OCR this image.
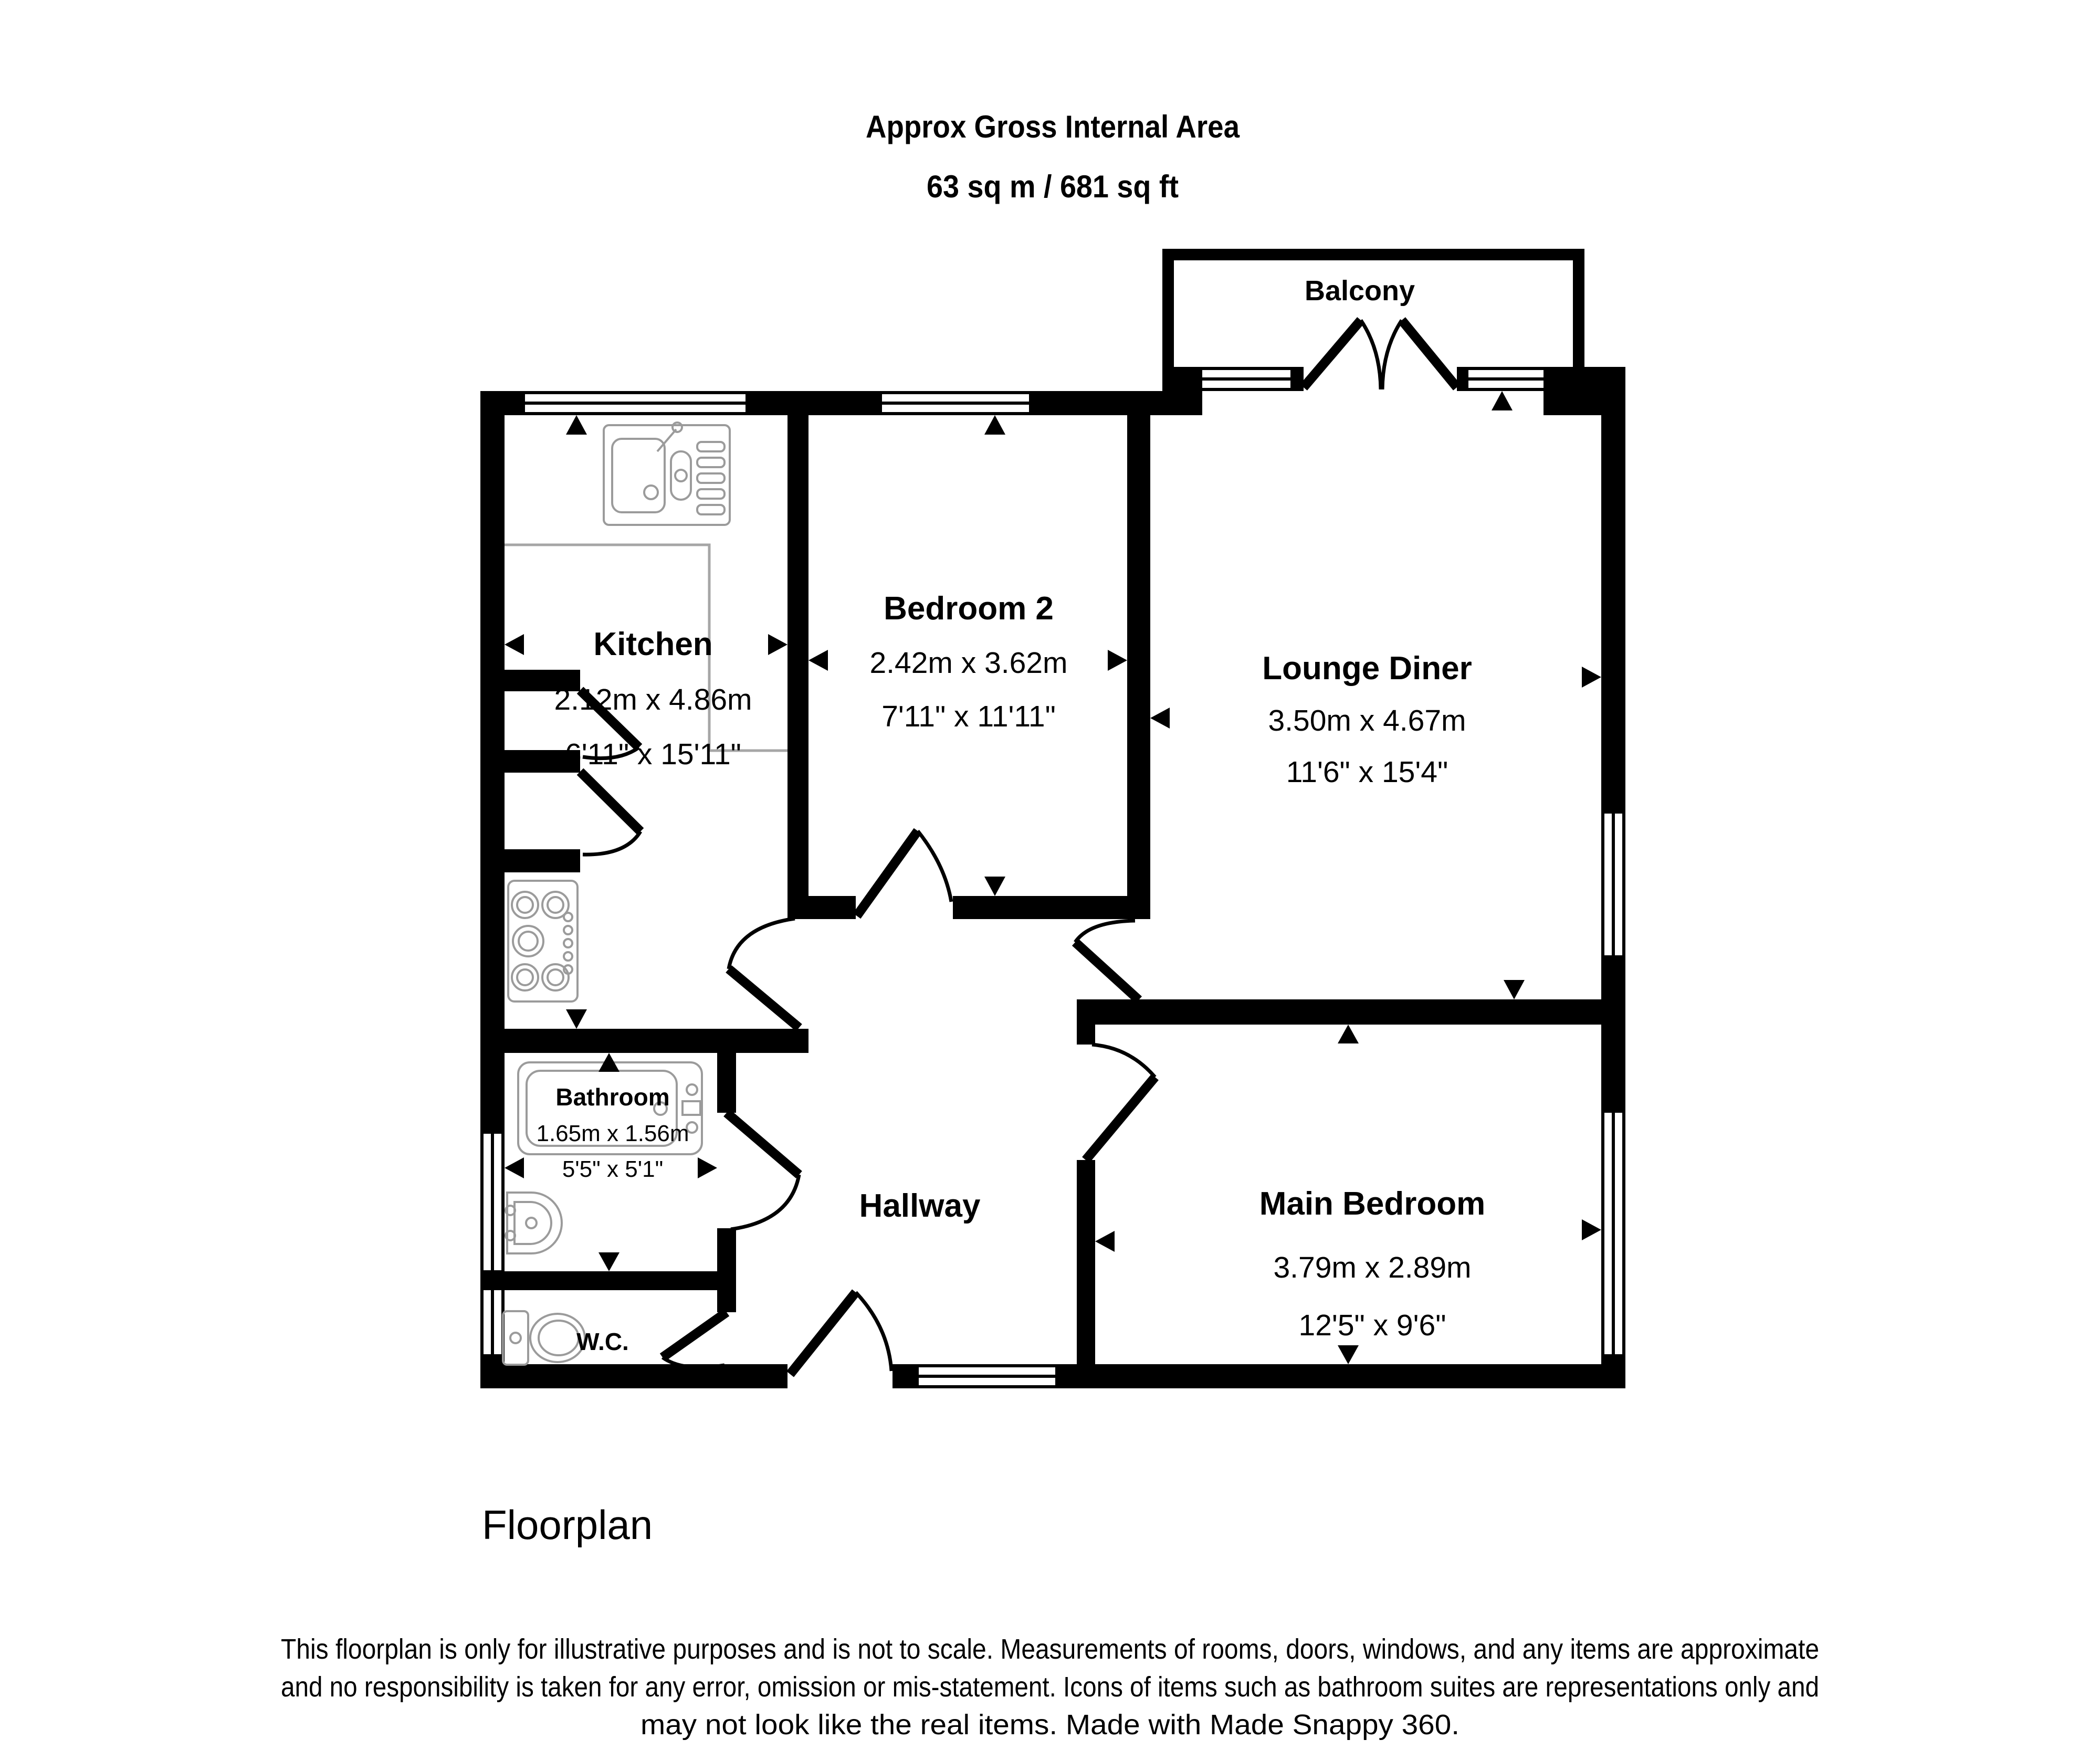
Approx Gross Internal Area
63 sq m / 681 sq ft
Balcony
Kitchen
2.12m x 4.86m
6'11" x 15'11"
Bedroom 2
2.42m x 3.62m
7'11" x 11'11"
Lounge Diner
3.50m x 4.67m
11'6" x 15'4"
Bathroom
1.65m x 1.56m
5'5" x 5'1"
Hallway	Main Bedroom
3.79m x 2.89m
12'5" x 9'6"
W.C.
Floorplan
This floorplan is only for illustrative purposes and is not to scale. Measurements of rooms, doors, windows, and any items are approximate
and no responsibility is taken for any error, omission or mis-statement. Icons of items such as bathroom suites are representations only and
may not look like the real items. Made with Made Snappy 360.
